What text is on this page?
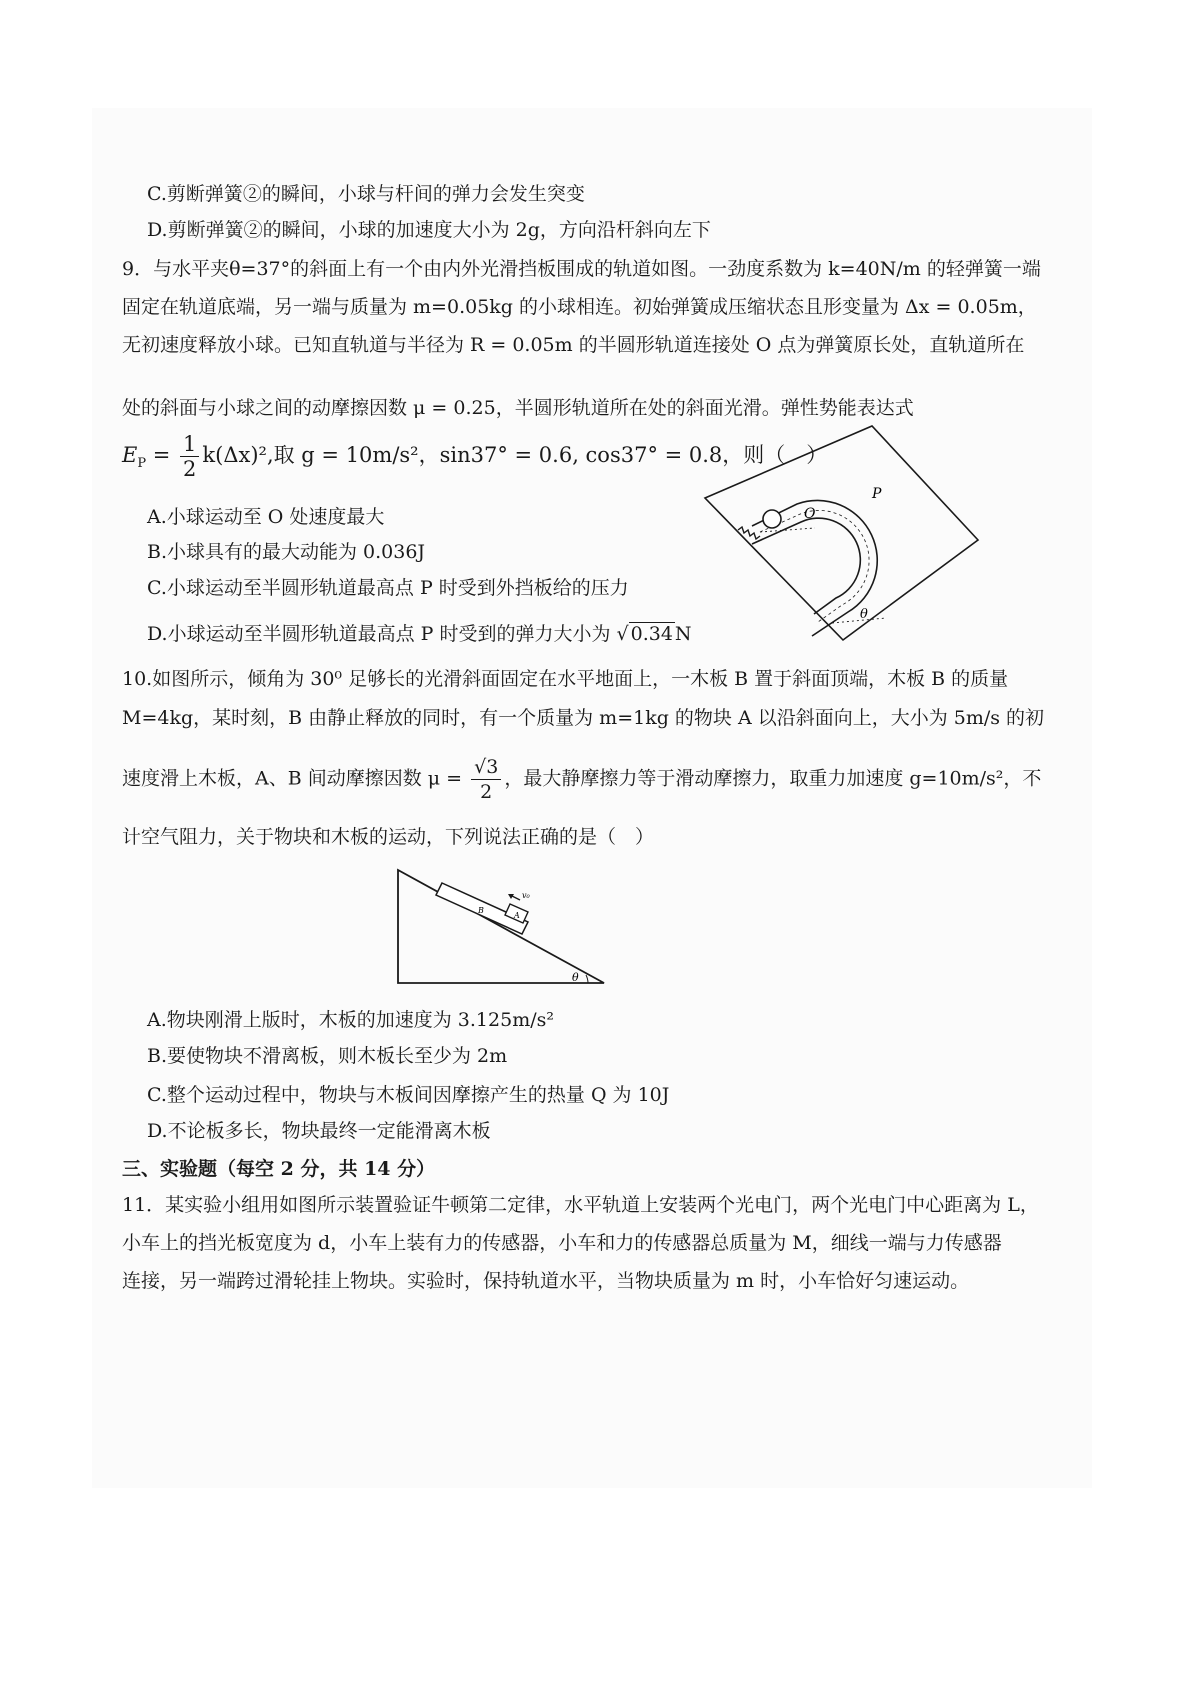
C.剪断弹簧②的瞬间，小球与杆间的弹力会发生突变
D.剪断弹簧②的瞬间，小球的加速度大小为 2g，方向沿杆斜向左下
9．与水平夹θ=37°的斜面上有一个由内外光滑挡板围成的轨道如图。一劲度系数为 k=40N/m 的轻弹簧一端
固定在轨道底端，另一端与质量为 m=0.05kg 的小球相连。初始弹簧成压缩状态且形变量为 Δx = 0.05m，
无初速度释放小球。已知直轨道与半径为 R = 0.05m 的半圆形轨道连接处 O 点为弹簧原长处，直轨道所在
处的斜面与小球之间的动摩擦因数 μ = 0.25，半圆形轨道所在处的斜面光滑。弹性势能表达式
$E_P = \frac{1}{2} k(\Delta x)^2$,取 g = 10m/s²，sin37° = 0.6, cos37° = 0.8，则（　）
P
O
θ
A.小球运动至 O 处速度最大
B.小球具有的最大动能为 0.036J
C.小球运动至半圆形轨道最高点 P 时受到外挡板给的压力
D.小球运动至半圆形轨道最高点 P 时受到的弹力大小为 √ 0.34 N
10.如图所示，倾角为 30⁰ 足够长的光滑斜面固定在水平地面上，一木板 B 置于斜面顶端，木板 B 的质量
M=4kg，某时刻，B 由静止释放的同时，有一个质量为 m=1kg 的物块 A 以沿斜面向上，大小为 5m/s 的初
速度滑上木板，A、B 间动摩擦因数 $\mu = \frac{√3}{2}$ ，最大静摩擦力等于滑动摩擦力，取重力加速度 g=10m/s²，不
计空气阻力，关于物块和木板的运动，下列说法正确的是（　）
B
A
v₀
θ
A.物块刚滑上版时，木板的加速度为 3.125m/s²
B.要使物块不滑离板，则木板长至少为 2m
C.整个运动过程中，物块与木板间因摩擦产生的热量 Q 为 10J
D.不论板多长，物块最终一定能滑离木板
三、实验题（每空 2 分，共 14 分）
11．某实验小组用如图所示装置验证牛顿第二定律，水平轨道上安装两个光电门，两个光电门中心距离为 L，
小车上的挡光板宽度为 d，小车上装有力的传感器，小车和力的传感器总质量为 M，细线一端与力传感器
连接，另一端跨过滑轮挂上物块。实验时，保持轨道水平，当物块质量为 m 时，小车恰好匀速运动。
